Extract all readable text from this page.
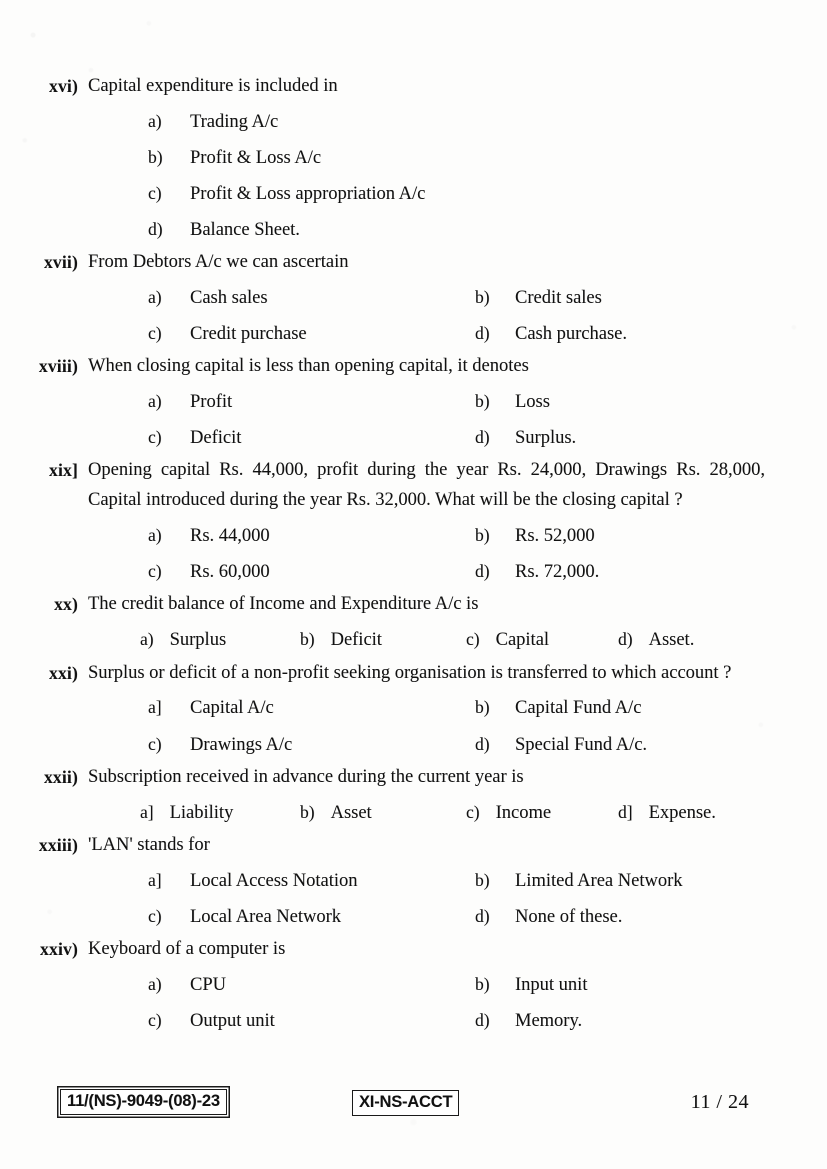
xvi) Capital expenditure is included in
a)	Trading A/c
b)	Profit & Loss A/c
c)	Profit & Loss appropriation A/c
d)	Balance Sheet.
xvii) From Debtors A/c we can ascertain
a)	Cash sales	b)	Credit sales
c)	Credit purchase	d)	Cash purchase.
xviii) When closing capital is less than opening capital, it denotes
a)	Profit	b)	Loss
c)	Deficit	d)	Surplus.
xix] Opening capital Rs. 44,000, profit during the year Rs. 24,000, Drawings Rs. 28,000, Capital introduced during the year Rs. 32,000. What will be the closing capital ?
a)	Rs. 44,000	b)	Rs. 52,000
c)	Rs. 60,000	d)	Rs. 72,000.
xx) The credit balance of Income and Expenditure A/c is
a) Surplus	b) Deficit	c) Capital	d) Asset.
xxi) Surplus or deficit of a non-profit seeking organisation is transferred to which account ?
a]	Capital A/c	b)	Capital Fund A/c
c)	Drawings A/c	d)	Special Fund A/c.
xxii) Subscription received in advance during the current year is
a] Liability	b) Asset	c) Income	d] Expense.
xxiii) 'LAN' stands for
a]	Local Access Notation	b)	Limited Area Network
c)	Local Area Network	d)	None of these.
xxiv) Keyboard of a computer is
a)	CPU	b)	Input unit
c)	Output unit	d)	Memory.
11/(NS)-9049-(08)-23	XI-NS-ACCT	11 / 24
